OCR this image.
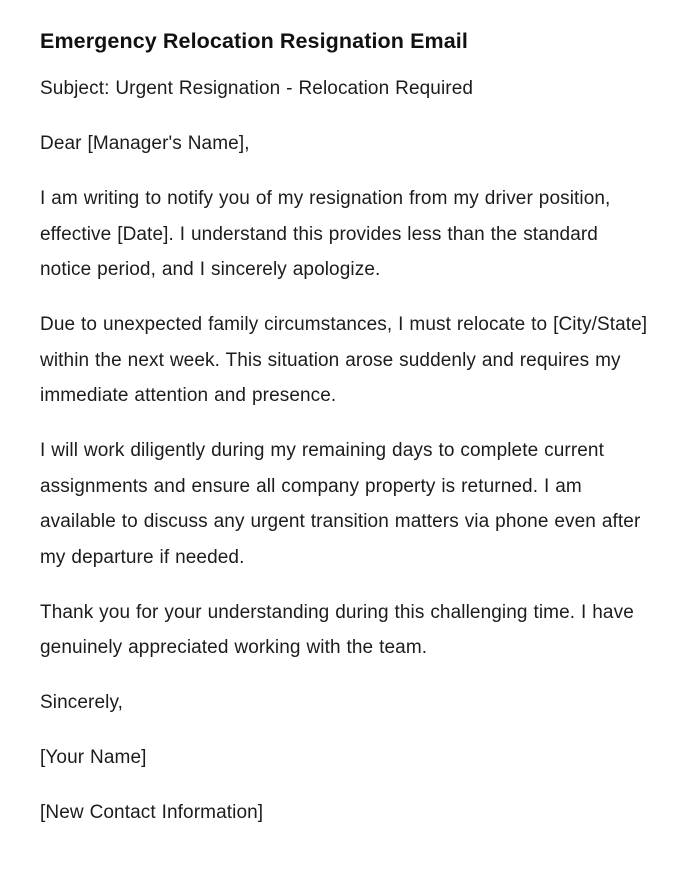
Emergency Relocation Resignation Email

Subject: Urgent Resignation - Relocation Required

Dear [Manager's Name],

I am writing to notify you of my resignation from my driver position, effective [Date]. I understand this provides less than the standard notice period, and I sincerely apologize.

Due to unexpected family circumstances, I must relocate to [City/State] within the next week. This situation arose suddenly and requires my immediate attention and presence.

I will work diligently during my remaining days to complete current assignments and ensure all company property is returned. I am available to discuss any urgent transition matters via phone even after my departure if needed.

Thank you for your understanding during this challenging time. I have genuinely appreciated working with the team.

Sincerely,

[Your Name]

[New Contact Information]
